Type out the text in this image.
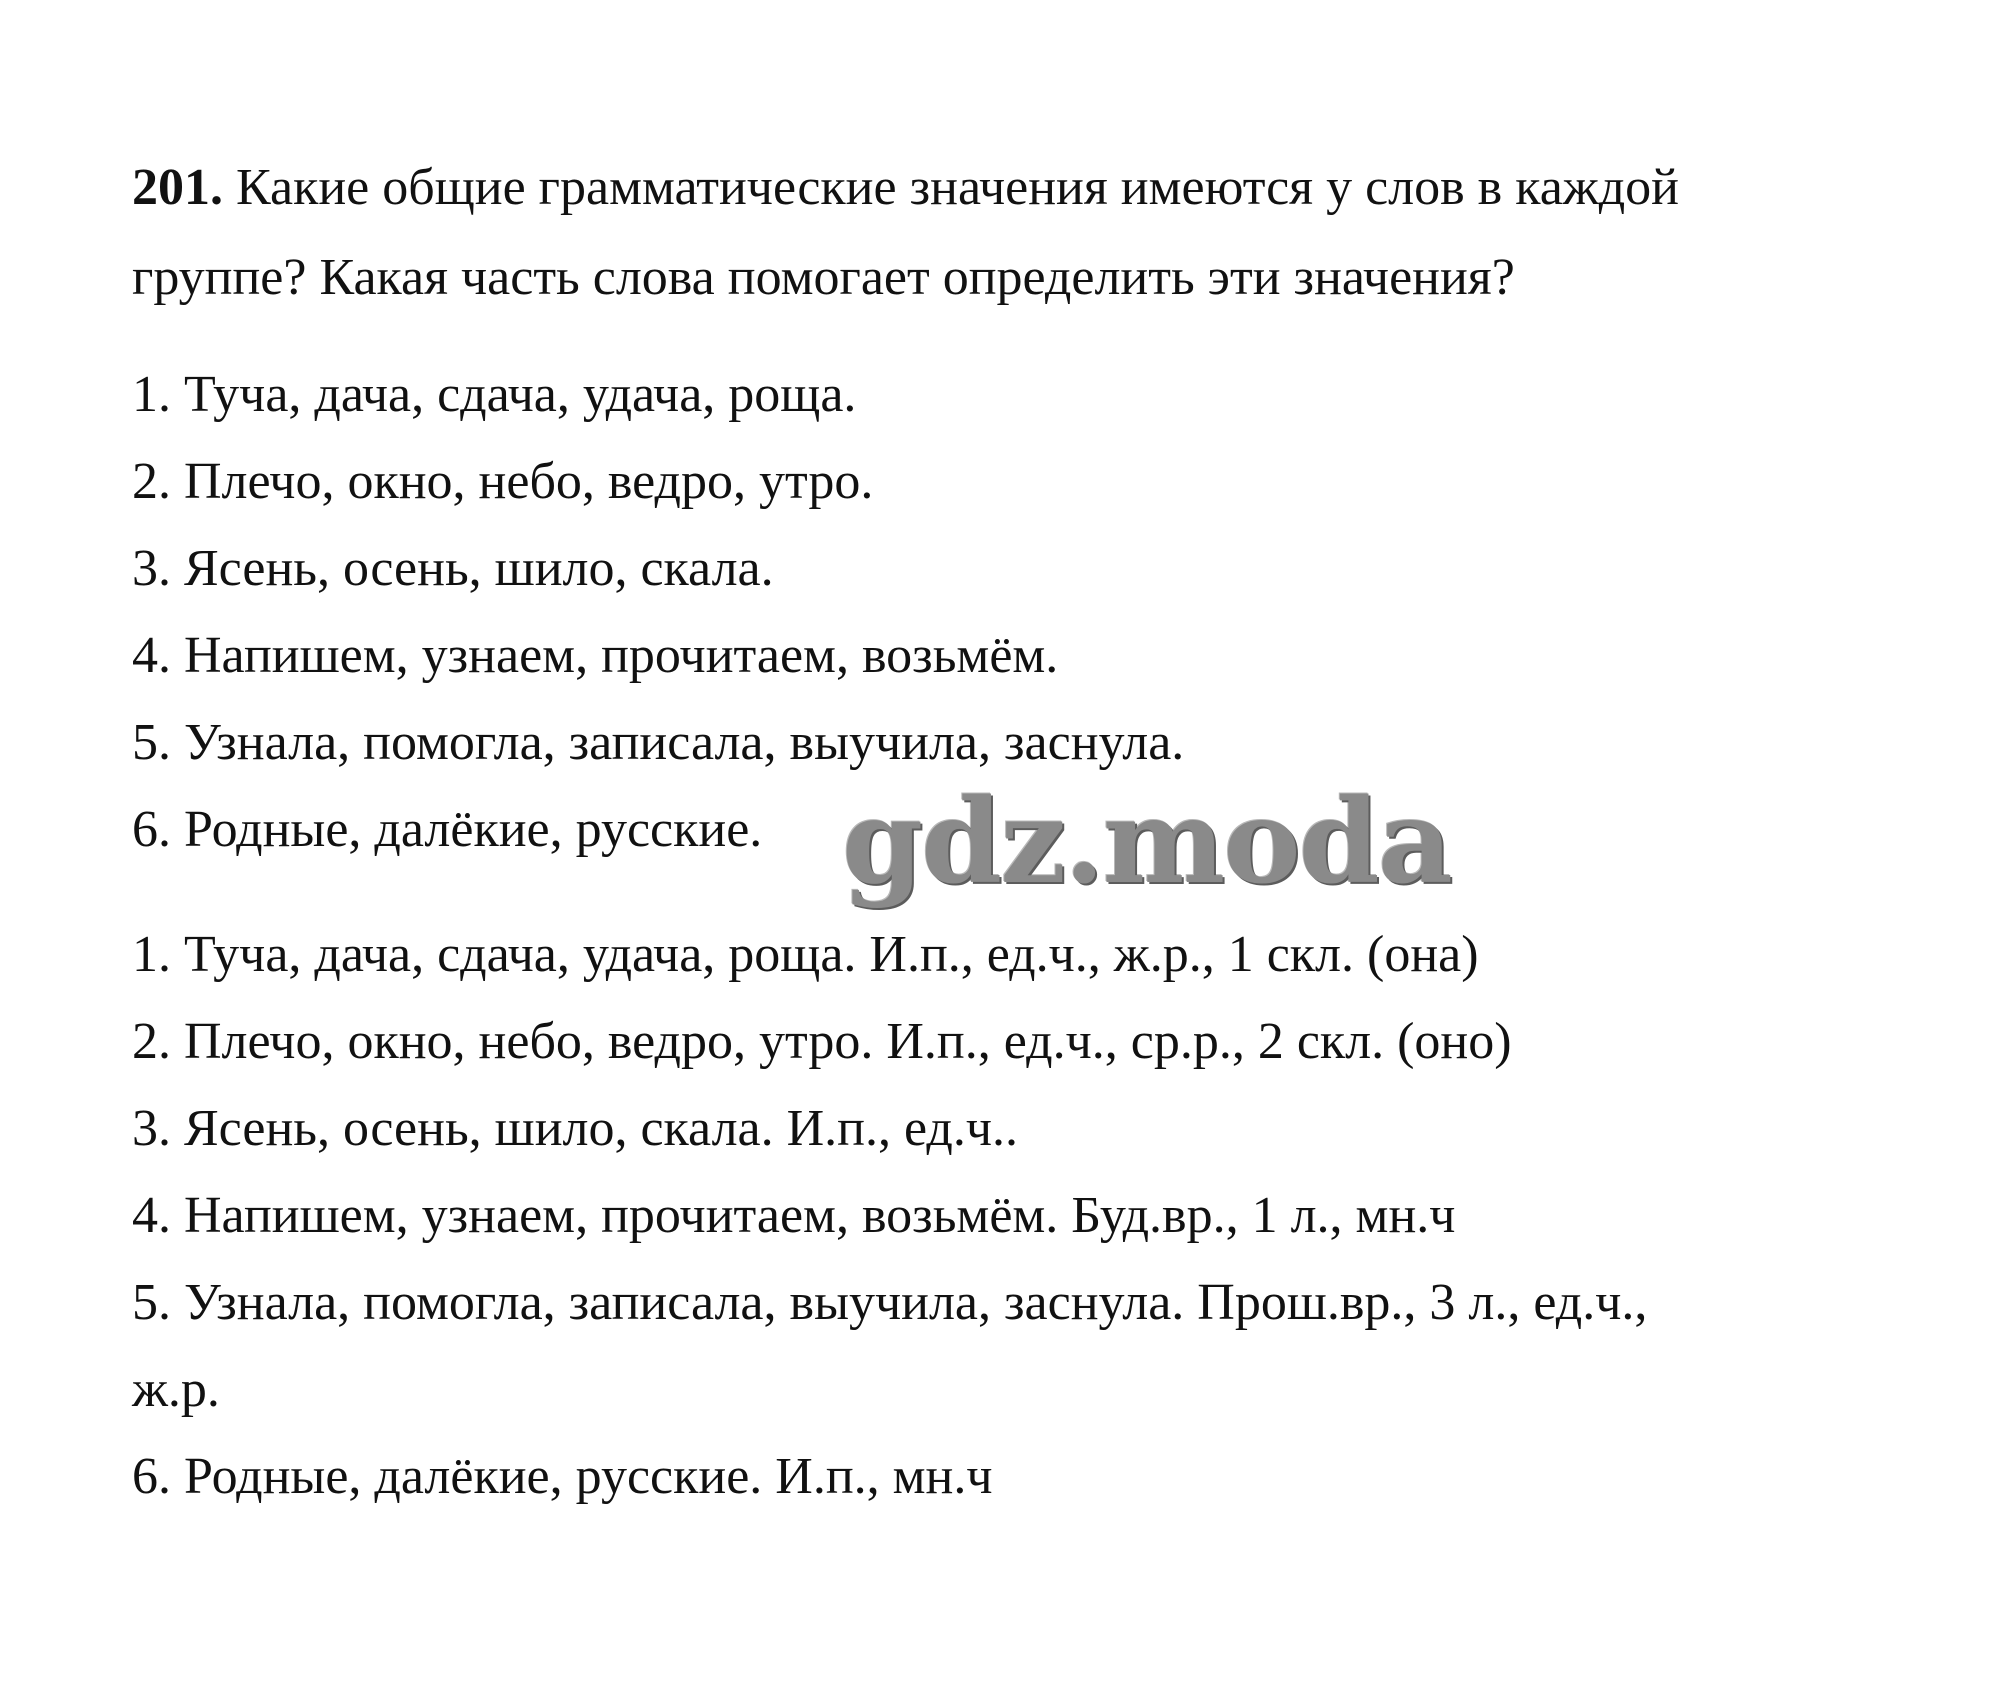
201. Какие общие грамматические значения имеются у слов в каждой
группе? Какая часть слова помогает определить эти значения?
1. Туча, дача, сдача, удача, роща.
2. Плечо, окно, небо, ведро, утро.
3. Ясень, осень, шило, скала.
4. Напишем, узнаем, прочитаем, возьмём.
5. Узнала, помогла, записала, выучила, заснула.
6. Родные, далёкие, русские. gdz.moda
1. Туча, дача, сдача, удача, роща. И.п., ед.ч., ж.р., 1 скл. (она)
2. Плечо, окно, небо, ведро, утро. И.п., ед.ч., ср.р., 2 скл. (оно)
3. Ясень, осень, шило, скала. И.п., ед.ч..
4. Напишем, узнаем, прочитаем, возьмём. Буд.вр., 1 л., мн.ч
5. Узнала, помогла, записала, выучила, заснула. Прош.вр., 3 л., ед.ч.,
ж.р.
6. Родные, далёкие, русские. И.п., мн.ч
